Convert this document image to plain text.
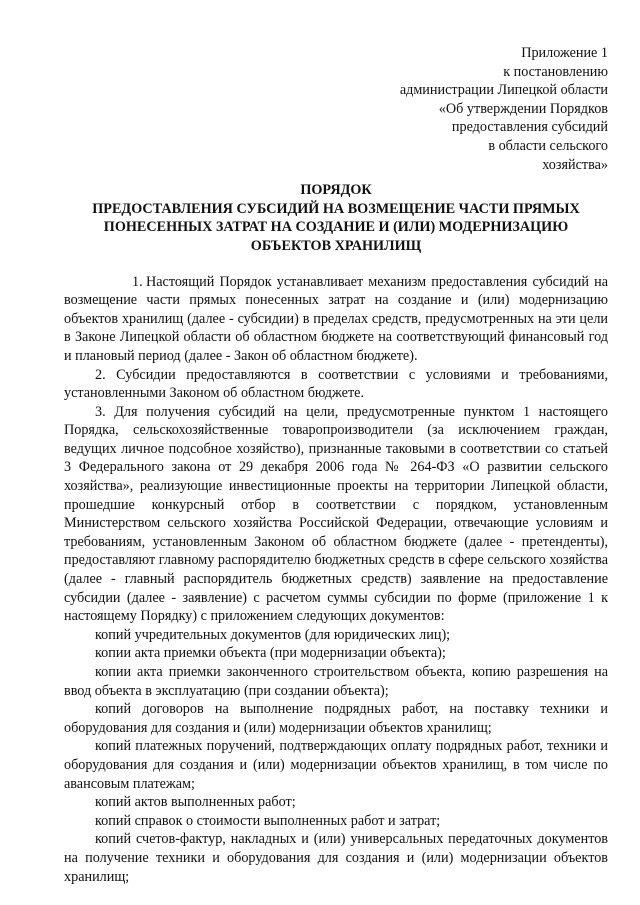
Приложение 1
к постановлению
администрации Липецкой области
«Об утверждении Порядков
предоставления субсидий
в области сельского
хозяйства»
ПОРЯДОК
ПРЕДОСТАВЛЕНИЯ СУБСИДИЙ НА ВОЗМЕЩЕНИЕ ЧАСТИ ПРЯМЫХ
ПОНЕСЕННЫХ ЗАТРАТ НА СОЗДАНИЕ И (ИЛИ) МОДЕРНИЗАЦИЮ
ОБЪЕКТОВ ХРАНИЛИЩ

1. Настоящий Порядок устанавливает механизм предоставления субсидий на возмещение части прямых понесенных затрат на создание и (или) модернизацию объектов хранилищ (далее - субсидии) в пределах средств, предусмотренных на эти цели в Законе Липецкой области об областном бюджете на соответствующий финансовый год и плановый период (далее - Закон об областном бюджете).

2. Субсидии предоставляются в соответствии с условиями и требованиями, установленными Законом об областном бюджете.

3. Для получения субсидий на цели, предусмотренные пунктом 1 настоящего Порядка, сельскохозяйственные товаропроизводители (за исключением граждан, ведущих личное подсобное хозяйство), признанные таковыми в соответствии со статьей 3 Федерального закона от 29 декабря 2006 года № 264-ФЗ «О развитии сельского хозяйства», реализующие инвестиционные проекты на территории Липецкой области, прошедшие конкурсный отбор в соответствии с порядком, установленным Министерством сельского хозяйства Российской Федерации, отвечающие условиям и требованиям, установленным Законом об областном бюджете (далее - претенденты), предоставляют главному распорядителю бюджетных средств в сфере сельского хозяйства (далее - главный распорядитель бюджетных средств) заявление на предоставление субсидии (далее - заявление) с расчетом суммы субсидии по форме (приложение 1 к настоящему Порядку) с приложением следующих документов:

копий учредительных документов (для юридических лиц);

копии акта приемки объекта (при модернизации объекта);

копии акта приемки законченного строительством объекта, копию разрешения на ввод объекта в эксплуатацию (при создании объекта);

копий договоров на выполнение подрядных работ, на поставку техники и оборудования для создания и (или) модернизации объектов хранилищ;

копий платежных поручений, подтверждающих оплату подрядных работ, техники и оборудования для создания и (или) модернизации объектов хранилищ, в том числе по авансовым платежам;

копий актов выполненных работ;

копий справок о стоимости выполненных работ и затрат;

копий счетов-фактур, накладных и (или) универсальных передаточных документов на получение техники и оборудования для создания и (или) модернизации объектов хранилищ;
